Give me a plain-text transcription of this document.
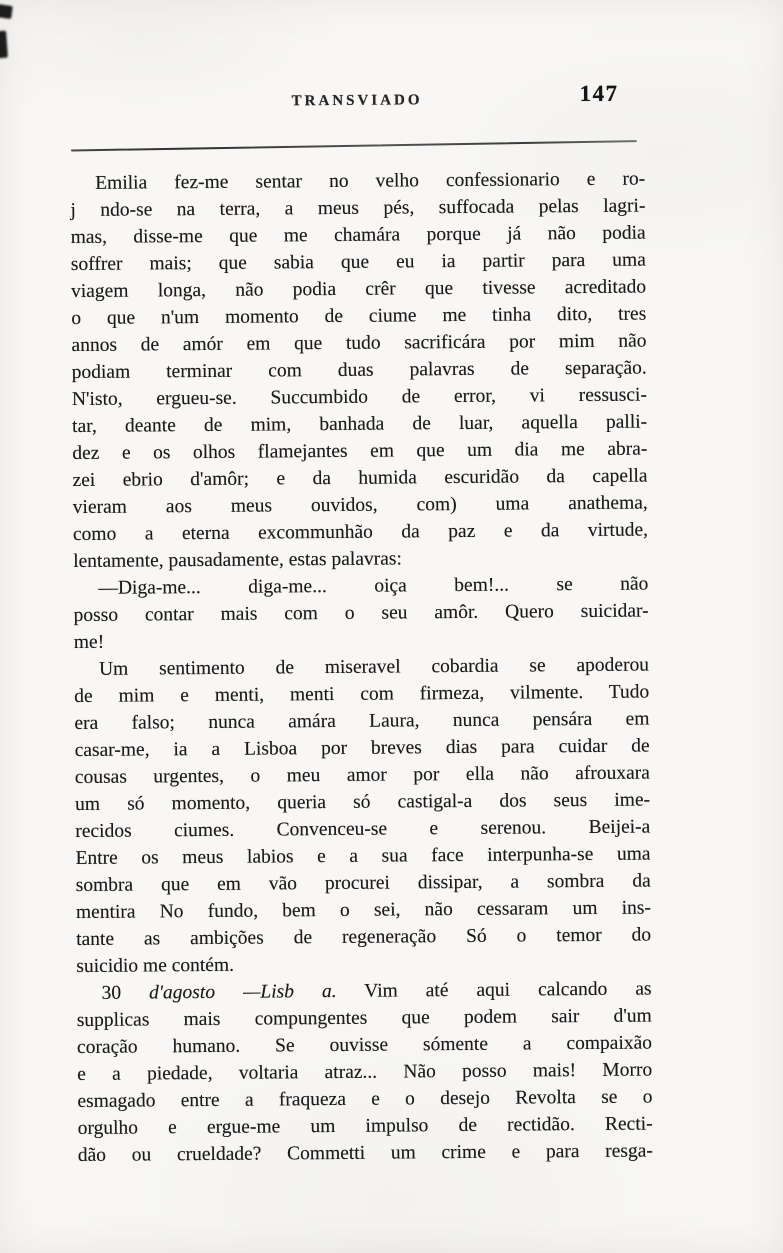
TRANSVIADO	147
Emilia fez-me sentar no velho confessionario e ro-
j ndo-se na terra, a meus pés, suffocada pelas lagri-
mas, disse-me que me chamára porque já não podia
soffrer mais; que sabia que eu ia partir para uma
viagem longa, não podia crêr que tivesse acreditado
o que n'um momento de ciume me tinha dito, tres
annos de amór em que tudo sacrificára por mim não
podiam terminar com duas palavras de separação.
N'isto, ergueu-se. Succumbido de error, vi ressusci-
tar, deante de mim, banhada de luar, aquella palli-
dez e os olhos flamejantes em que um dia me abra-
zei ebrio d'amôr; e da humida escuridão da capella
vieram aos meus ouvidos, com) uma anathema,
como a eterna excommunhão da paz e da virtude,
lentamente, pausadamente, estas palavras:
—Diga-me... diga-me... oiça bem!... se não
posso contar mais com o seu amôr. Quero suicidar-
me!
Um sentimento de miseravel cobardia se apoderou
de mim e menti, menti com firmeza, vilmente. Tudo
era falso; nunca amára Laura, nunca pensára em
casar-me, ia a Lisboa por breves dias para cuidar de
cousas urgentes, o meu amor por ella não afrouxara
um só momento, queria só castigal-a dos seus ime-
recidos ciumes. Convenceu-se e serenou. Beijei-a
Entre os meus labios e a sua face interpunha-se uma
sombra que em vão procurei dissipar, a sombra da
mentira No fundo, bem o sei, não cessaram um ins-
tante as ambições de regeneração Só o temor do
suicidio me contém.
30 d'agosto —Lisb a. Vim até aqui calcando as
supplicas mais compungentes que podem sair d'um
coração humano. Se ouvisse sómente a compaixão
e a piedade, voltaria atraz... Não posso mais! Morro
esmagado entre a fraqueza e o desejo Revolta se o
orgulho e ergue-me um impulso de rectidão. Recti-
dão ou crueldade? Commetti um crime e para resga-
